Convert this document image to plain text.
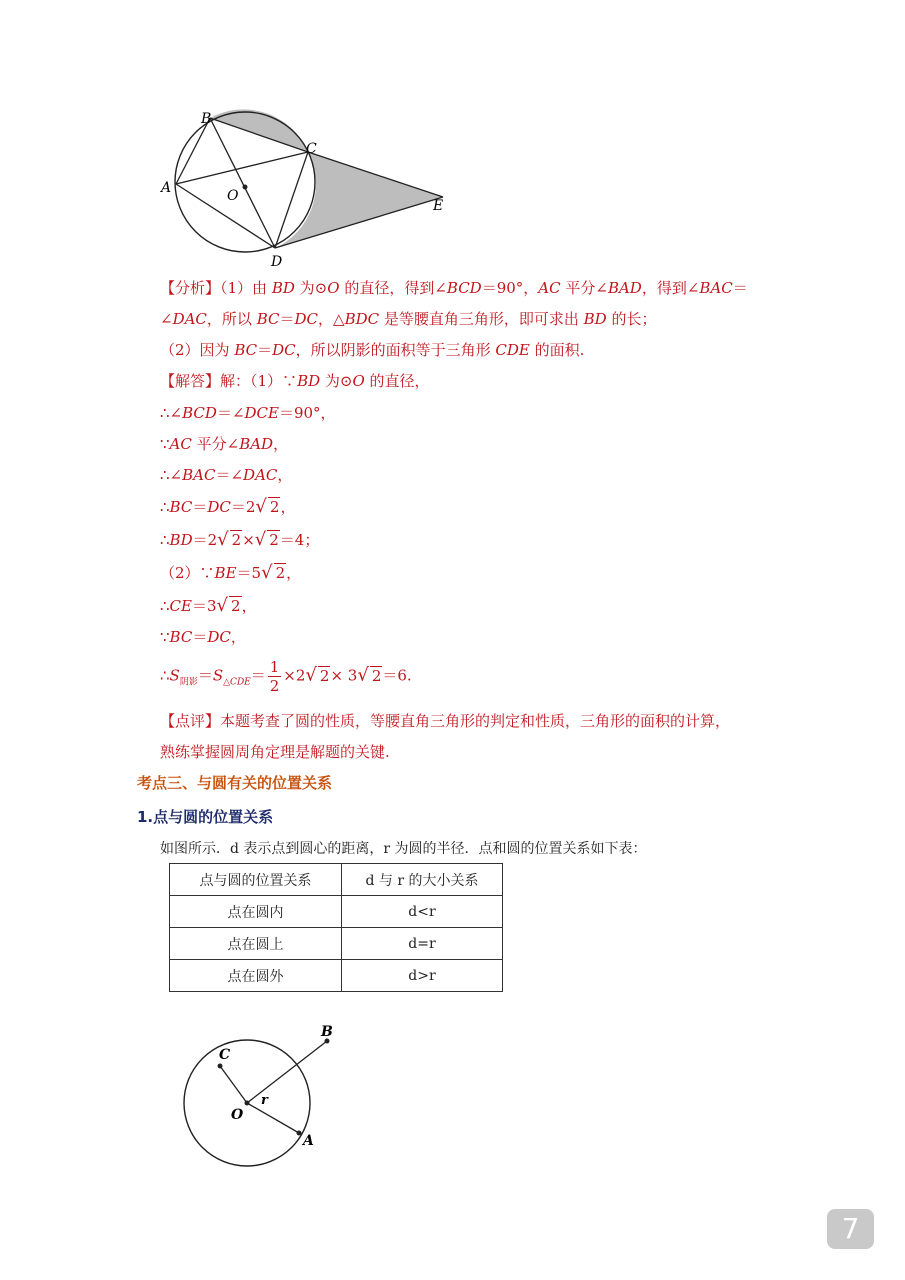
B
C
A	O
E
D
【分析】（1）由 BD 为⊙O 的直径，得到∠BCD＝90°，AC 平分∠BAD，得到∠BAC＝
∠DAC，所以 BC＝DC，△BDC 是等腰直角三角形，即可求出 BD 的长；
（2）因为 BC＝DC，所以阴影的面积等于三角形 CDE 的面积.
【解答】解：（1）∵BD 为⊙O 的直径，
∴∠BCD＝∠DCE＝90°，
∵AC 平分∠BAD，
∴∠BAC＝∠DAC，
∴BC＝DC＝2√ 2，
∴BD＝2√ 2×√ 2＝4；
（2）∵BE＝5√ 2，
∴CE＝3√ 2，
∵BC＝DC，
$\therefore S_{阴影}=S_{\triangle CDE}= \frac{1}{2} \times 2√$ 2× 3√ 2＝6.
【点评】本题考查了圆的性质，等腰直角三角形的判定和性质，三角形的面积的计算，
熟练掌握圆周角定理是解题的关键.
考点三、与圆有关的位置关系
1.点与圆的位置关系
如图所示．d 表示点到圆心的距离，r 为圆的半径．点和圆的位置关系如下表：
点与圆的位置关系	d 与 r 的大小关系
点在圆内	d<r
点在圆上	d=r
点在圆外	d>r
B
C
O
r
A
7
